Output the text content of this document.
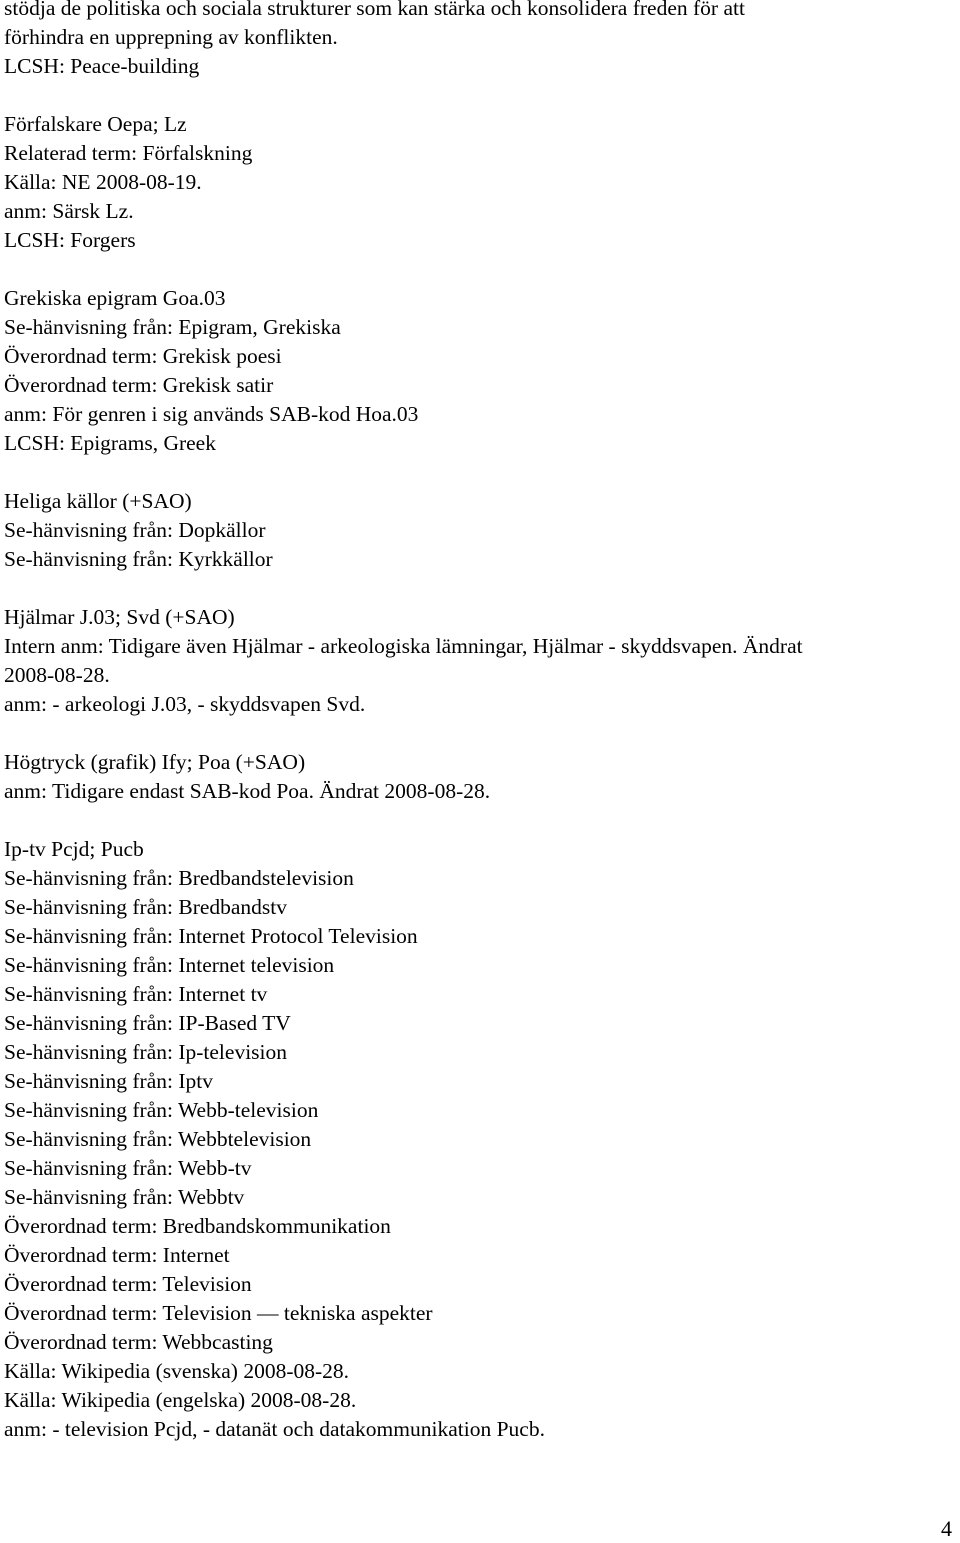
stödja de politiska och sociala strukturer som kan stärka och konsolidera freden för att
förhindra en upprepning av konflikten.
LCSH: Peace-building
Förfalskare Oepa; Lz
Relaterad term: Förfalskning
Källa: NE 2008-08-19.
anm: Särsk Lz.
LCSH: Forgers
Grekiska epigram Goa.03
Se-hänvisning från: Epigram, Grekiska
Överordnad term: Grekisk poesi
Överordnad term: Grekisk satir
anm: För genren i sig används SAB-kod Hoa.03
LCSH: Epigrams, Greek
Heliga källor (+SAO)
Se-hänvisning från: Dopkällor
Se-hänvisning från: Kyrkkällor
Hjälmar J.03; Svd (+SAO)
Intern anm: Tidigare även Hjälmar - arkeologiska lämningar, Hjälmar - skyddsvapen. Ändrat
2008-08-28.
anm: - arkeologi J.03, - skyddsvapen Svd.
Högtryck (grafik) Ify; Poa (+SAO)
anm: Tidigare endast SAB-kod Poa. Ändrat 2008-08-28.
Ip-tv Pcjd; Pucb
Se-hänvisning från: Bredbandstelevision
Se-hänvisning från: Bredbandstv
Se-hänvisning från: Internet Protocol Television
Se-hänvisning från: Internet television
Se-hänvisning från: Internet tv
Se-hänvisning från: IP-Based TV
Se-hänvisning från: Ip-television
Se-hänvisning från: Iptv
Se-hänvisning från: Webb-television
Se-hänvisning från: Webbtelevision
Se-hänvisning från: Webb-tv
Se-hänvisning från: Webbtv
Överordnad term: Bredbandskommunikation
Överordnad term: Internet
Överordnad term: Television
Överordnad term: Television — tekniska aspekter
Överordnad term: Webbcasting
Källa: Wikipedia (svenska) 2008-08-28.
Källa: Wikipedia (engelska) 2008-08-28.
anm: - television Pcjd, - datanät och datakommunikation Pucb.
4
